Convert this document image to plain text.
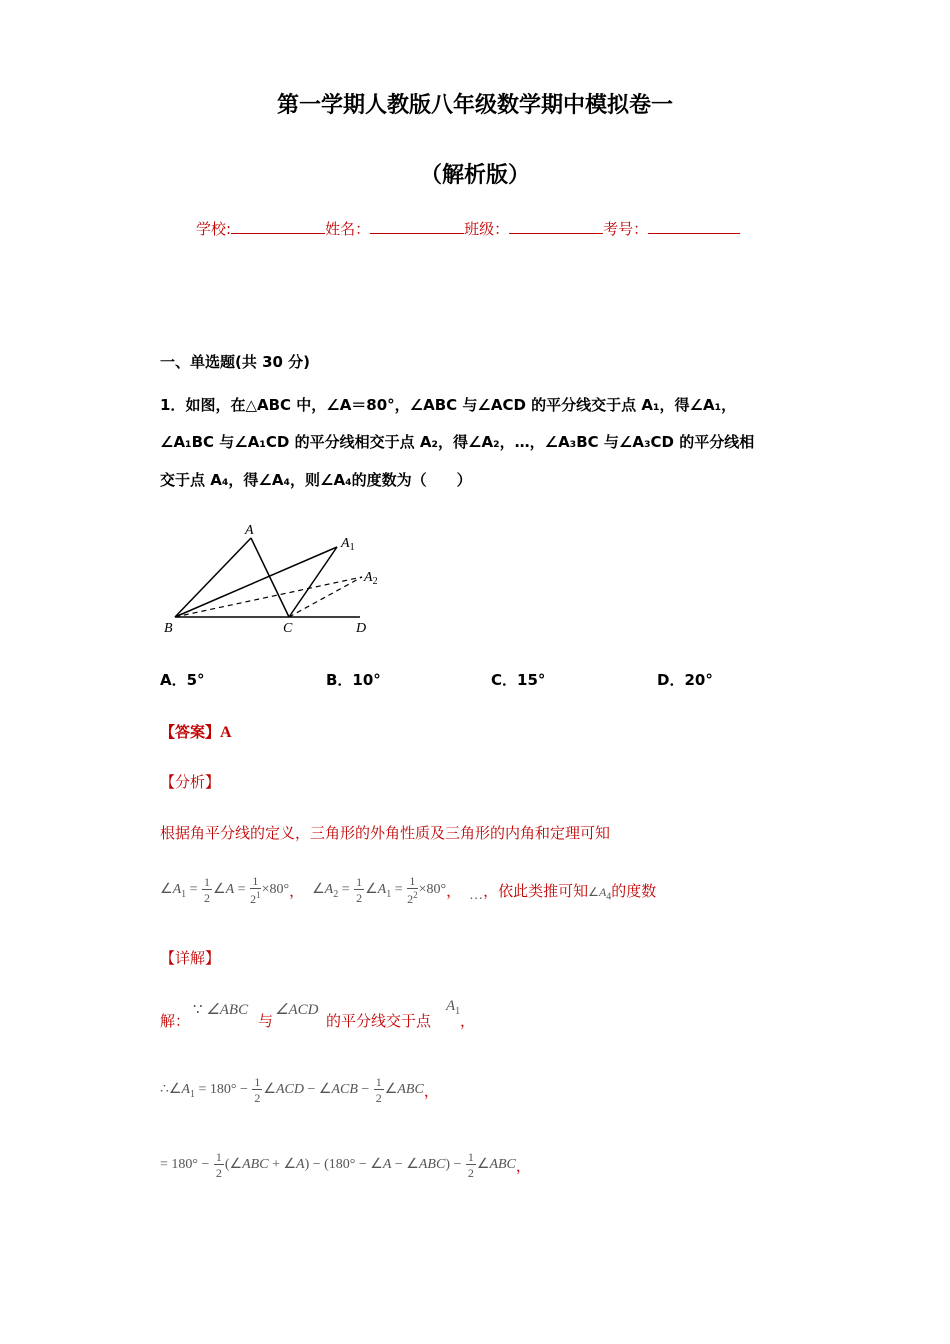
第一学期人教版八年级数学期中模拟卷一
（解析版）
学校:	姓名：	班级：	考号：
一、单选题(共 30 分)
1．如图，在△ABC 中，∠A＝80°，∠ABC 与∠ACD 的平分线交于点 A₁，得∠A₁，
∠A₁BC 与∠A₁CD 的平分线相交于点 A₂，得∠A₂，…，∠A₃BC 与∠A₃CD 的平分线相
交于点 A₄，得∠A₄，则∠A₄的度数为（　　）
A
$A_1$
$A_2$
B	C	D
A．5°	B．10°	C．15°	D．20°
【答案】A
【分析】
根据角平分线的定义，三角形的外角性质及三角形的内角和定理可知
$\angle A_1 = \frac{1}{2}$ ∠A = $\frac{1}{2^1} \times 80^\circ$ ， $\angle A_2 = \frac{1}{2}$ $\angle A_1 = \frac{1}{2^2} \times 80^\circ$ ， … ，依此类推可知 $\angle A_4$ 的度数
【详解】
解：
∵ ∠ABC
与
∠ACD
的平分线交于点
$A_1$
，
$\therefore\angle A_1 = 180^\circ - \frac{1}{2}$ ∠ACD − ∠ACB − $\frac{1}{2}$ ∠ABC ，
= $180^\circ - \frac{1}{2}$ (∠ABC + ∠A) − (180° − ∠A − ∠ABC) − $\frac{1}{2}$ ∠ABC ，
